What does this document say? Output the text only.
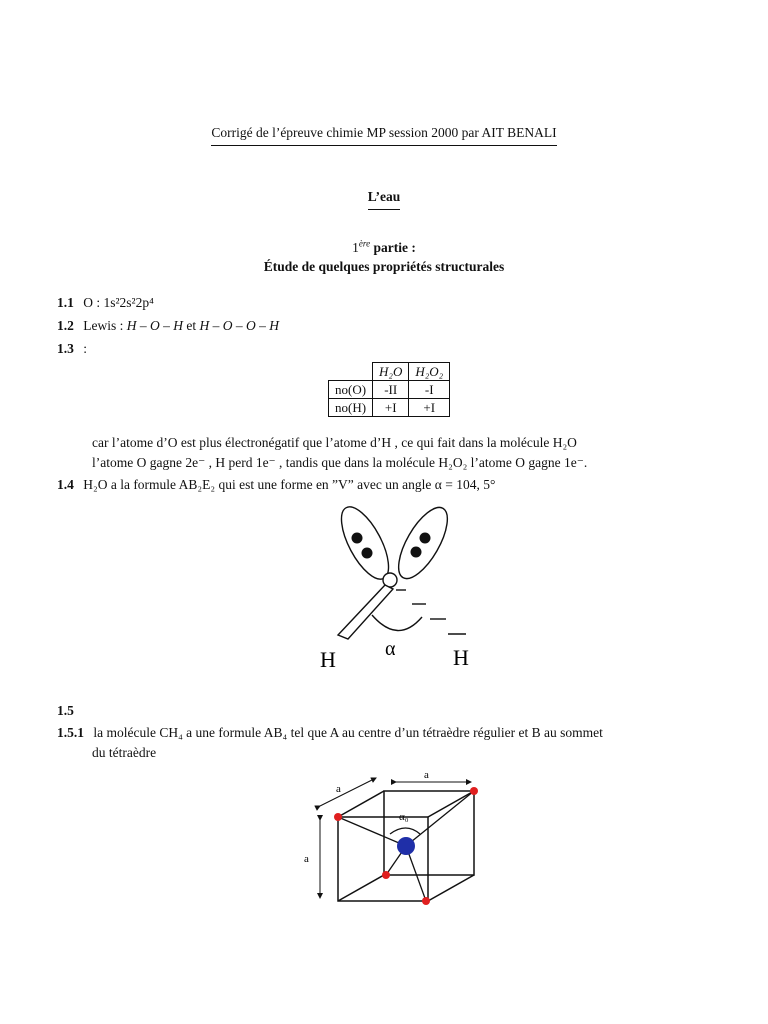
Corrigé de l’épreuve chimie MP session 2000 par AIT BENALI
L’eau
1ère partie :
Étude de quelques propriétés structurales
1.1 O : 1s²2s²2p⁴
1.2 Lewis : H – O – H et H – O – O – H
1.3 :
	H₂O	H₂O₂
no(O)	-II	-I
no(H)	+I	+I
car l’atome d’O est plus électronégatif que l’atome d’H , ce qui fait dans la molécule H₂O
l’atome O gagne 2e⁻ , H perd 1e⁻ , tandis que dans la molécule H₂O₂ l’atome O gagne 1e⁻.
1.4 H₂O a la formule AB₂E₂ qui est une forme en ”V” avec un angle α = 104, 5°
H α	H
1.5
1.5.1 la molécule CH₄ a une formule AB₄ tel que A au centre d’un tétraèdre régulier et B au sommet
du tétraèdre
a
a
a
α₀
